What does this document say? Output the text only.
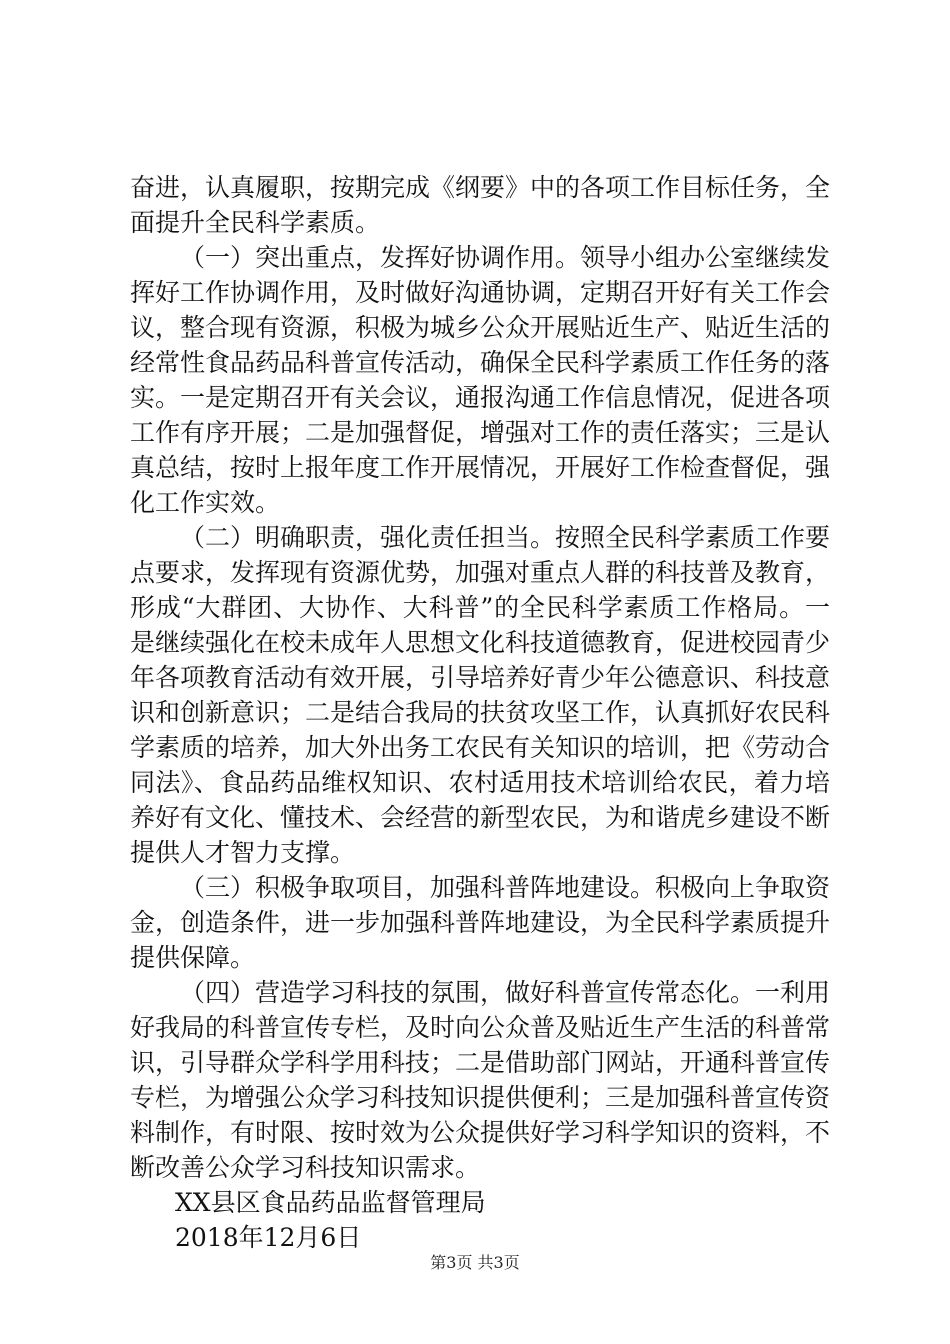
奋进，认真履职，按期完成《纲要》中的各项工作目标任务，全面提升全民科学素质。

（一）突出重点，发挥好协调作用。领导小组办公室继续发挥好工作协调作用，及时做好沟通协调，定期召开好有关工作会议，整合现有资源，积极为城乡公众开展贴近生产、贴近生活的经常性食品药品科普宣传活动，确保全民科学素质工作任务的落实。一是定期召开有关会议，通报沟通工作信息情况，促进各项工作有序开展；二是加强督促，增强对工作的责任落实；三是认真总结，按时上报年度工作开展情况，开展好工作检查督促，强化工作实效。

（二）明确职责，强化责任担当。按照全民科学素质工作要点要求，发挥现有资源优势，加强对重点人群的科技普及教育，形成“大群团、大协作、大科普”的全民科学素质工作格局。一是继续强化在校未成年人思想文化科技道德教育，促进校园青少年各项教育活动有效开展，引导培养好青少年公德意识、科技意识和创新意识；二是结合我局的扶贫攻坚工作，认真抓好农民科学素质的培养，加大外出务工农民有关知识的培训，把《劳动合同法》、食品药品维权知识、农村适用技术培训给农民，着力培养好有文化、懂技术、会经营的新型农民，为和谐虎乡建设不断提供人才智力支撑。

（三）积极争取项目，加强科普阵地建设。积极向上争取资金，创造条件，进一步加强科普阵地建设，为全民科学素质提升提供保障。

（四）营造学习科技的氛围，做好科普宣传常态化。一利用好我局的科普宣传专栏，及时向公众普及贴近生产生活的科普常识，引导群众学科学用科技；二是借助部门网站，开通科普宣传专栏，为增强公众学习科技知识提供便利；三是加强科普宣传资料制作，有时限、按时效为公众提供好学习科学知识的资料，不断改善公众学习科技知识需求。

XX县区食品药品监督管理局

2018年12月6日

第3页 共3页
